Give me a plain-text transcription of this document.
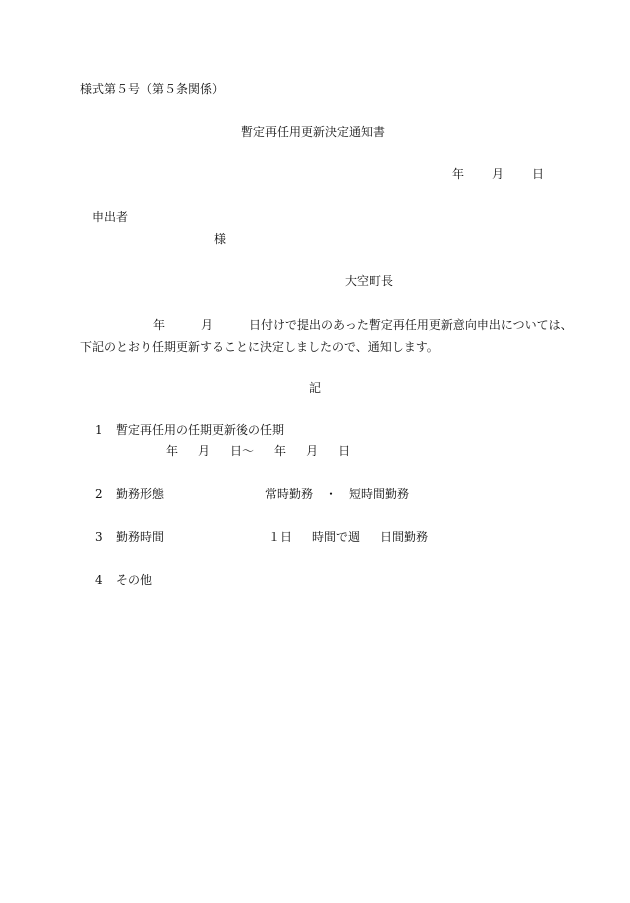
様式第５号（第５条関係）
暫定再任用更新決定通知書
年 月 日
申出者
様
大空町長
年	月	日付けで提出のあった暫定再任用更新意向申出については、
下記のとおり任期更新することに決定しましたので、通知します。
記
1 暫定再任用の任期更新後の任期
年 月 日〜 年 月 日
2 勤務形態	常時勤務　・　短時間勤務
3 勤務時間	１日 時間で週 日間勤務
4 その他
